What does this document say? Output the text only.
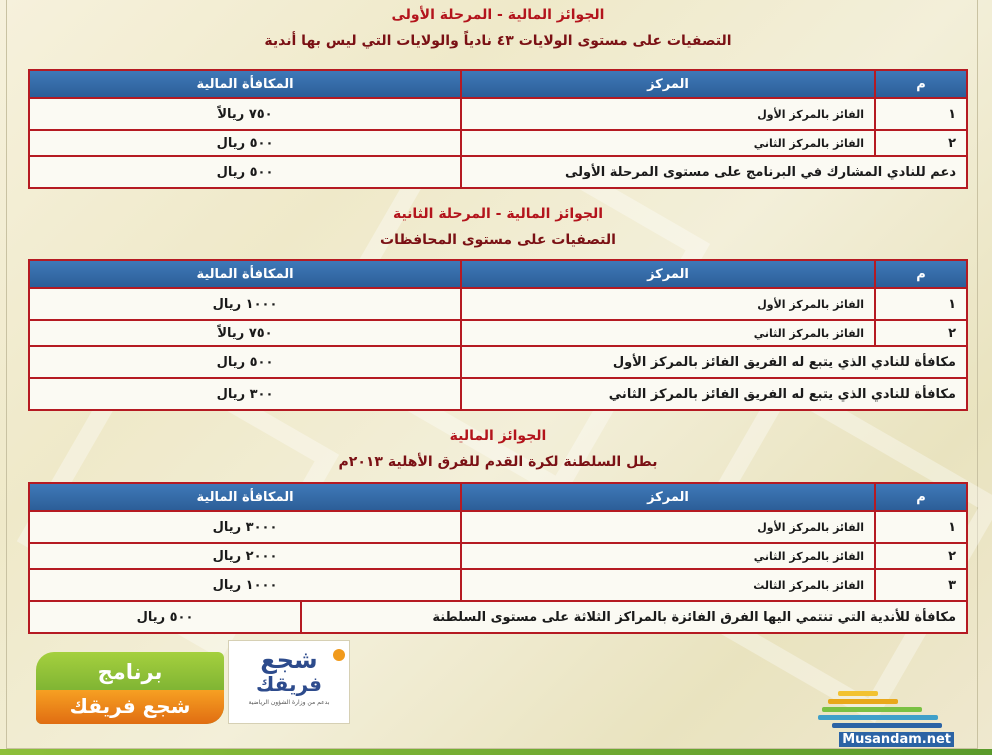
الجوائز المالية - المرحلة الأولى
التصفيات على مستوى الولايات ٤٣ نادياً والولايات التي ليس بها أندية
م	المركز	المكافأة المالية
١	الفائز بالمركز الأول	٧٥٠ ريالاً
٢	الفائز بالمركز الثاني	٥٠٠ ريال
دعم للنادي المشارك في البرنامج على مستوى المرحلة الأولى		٥٠٠ ريال
الجوائز المالية - المرحلة الثانية
التصفيات على مستوى المحافظات
م	المركز	المكافأة المالية
١	الفائز بالمركز الأول	١٠٠٠ ريال
٢	الفائز بالمركز الثاني	٧٥٠ ريالاً
مكافأة للنادي الذي يتبع له الفريق الفائز بالمركز الأول		٥٠٠ ريال
مكافأة للنادي الذي يتبع له الفريق الفائز بالمركز الثاني		٣٠٠ ريال
الجوائز المالية
بطل السلطنة لكرة القدم للفرق الأهلية ٢٠١٣م
م	المركز	المكافأة المالية	
١	الفائز بالمركز الأول	٣٠٠٠ ريال	
٢	الفائز بالمركز الثاني	٢٠٠٠ ريال	
٣	الفائز بالمركز الثالث	١٠٠٠ ريال	
مكافأة للأندية التي تنتمي اليها الفرق الفائزة بالمراكز الثلاثة على مستوى السلطنة			٥٠٠ ريال
برنامج
شجع فريقك
شجع
فريقك
بدعم من وزارة الشؤون الرياضية
Musandam.net
